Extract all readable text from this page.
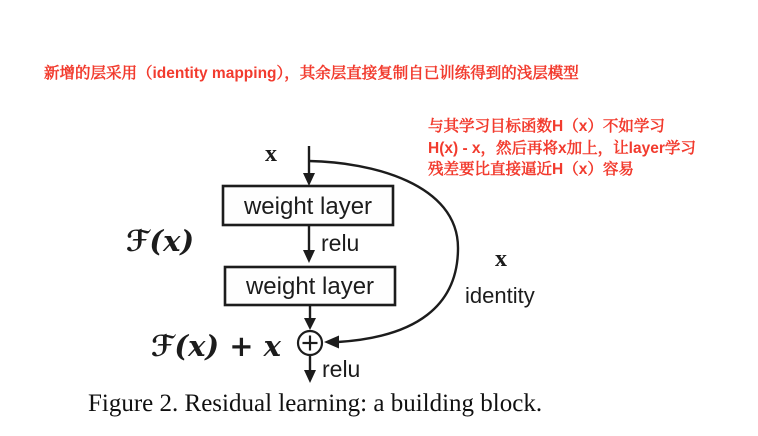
新增的层采用（identity mapping），其余层直接复制自已训练得到的浅层模型
与其学习目标函数H（x）不如学习
H(x) - x，然后再将x加上，让layer学习
残差要比直接逼近H（x）容易
weight layer
relu
weight layer
relu
x
ℱ(x)
ℱ(x) + x
x
identity
Figure 2. Residual learning: a building block.
